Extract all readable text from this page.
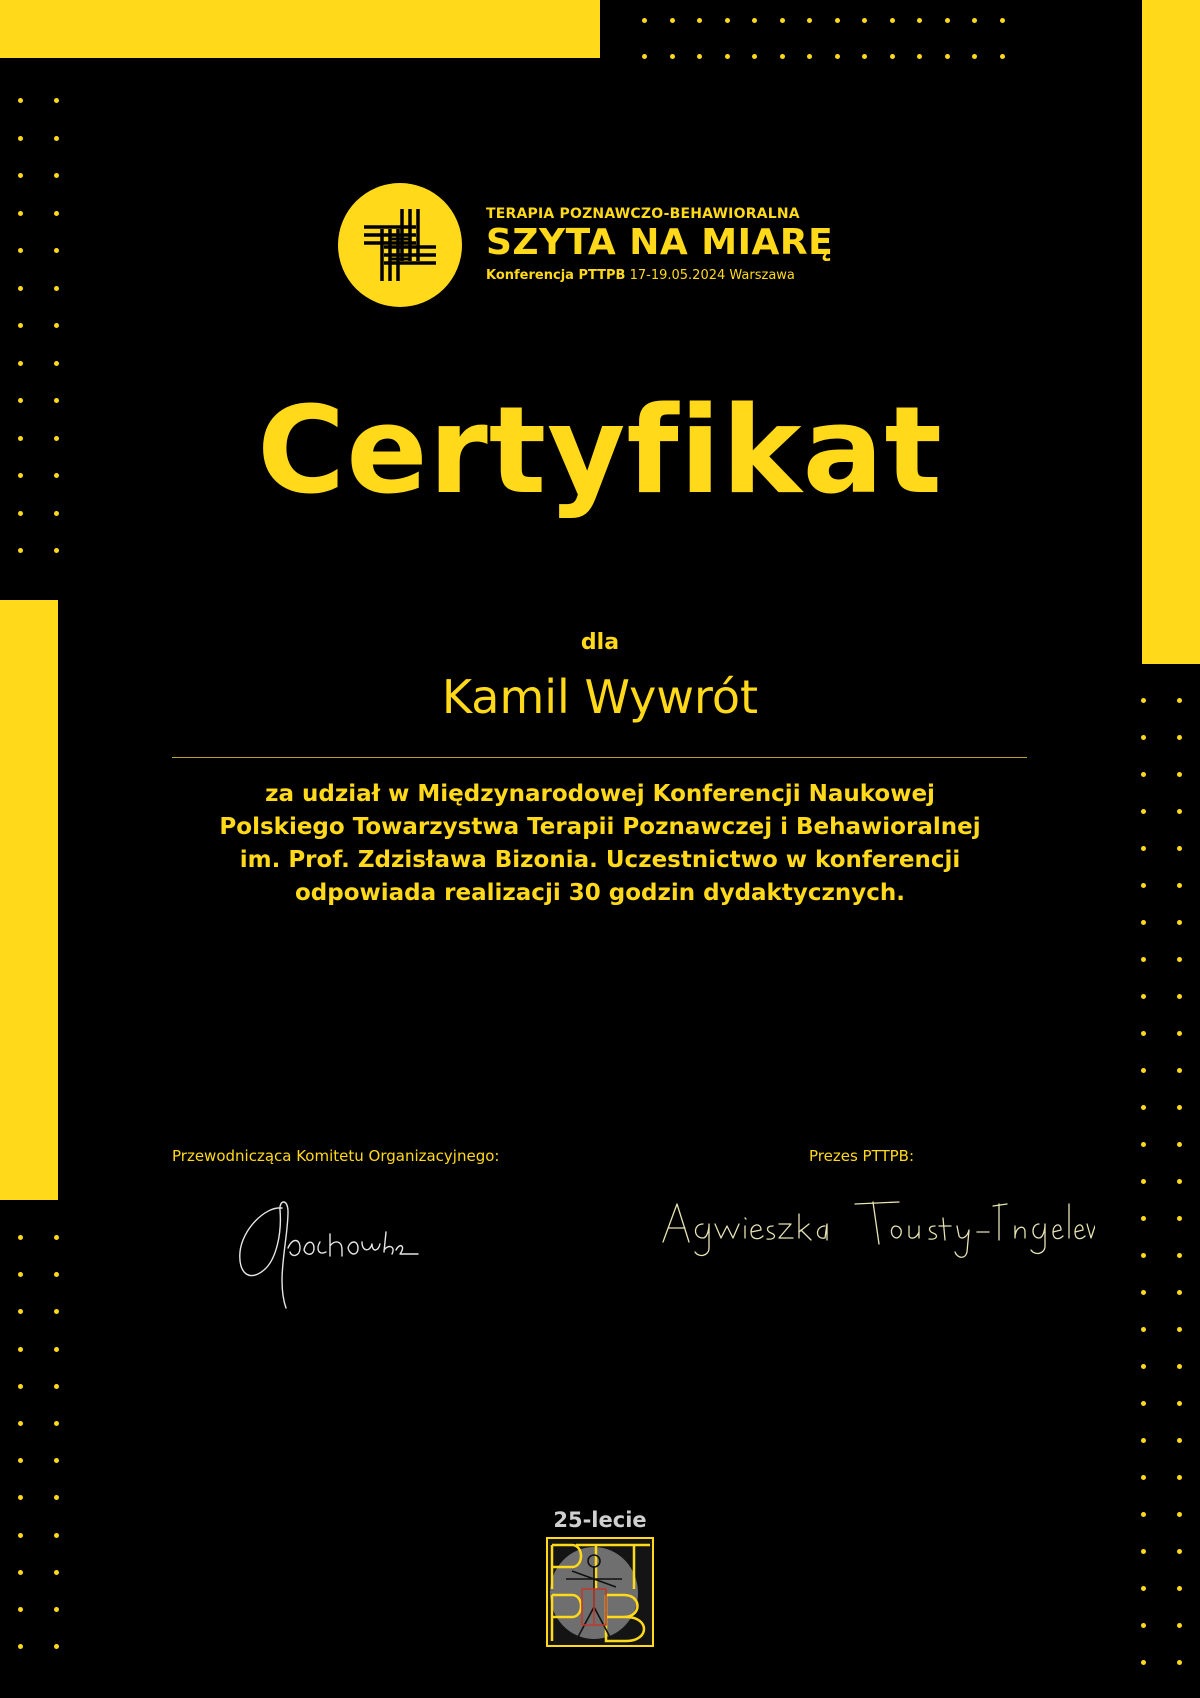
TERAPIA POZNAWCZO-BEHAWIORALNA
SZYTA NA MIARĘ
Konferencja PTTPB 17-19.05.2024 Warszawa
Certyfikat
dla
Kamil Wywrót
za udział w Międzynarodowej Konferencji Naukowej
Polskiego Towarzystwa Terapii Poznawczej i Behawioralnej
im. Prof. Zdzisława Bizonia. Uczestnictwo w konferencji
odpowiada realizacji 30 godzin dydaktycznych.
Przewodnicząca Komitetu Organizacyjnego:	Prezes PTTPB:
25-lecie
